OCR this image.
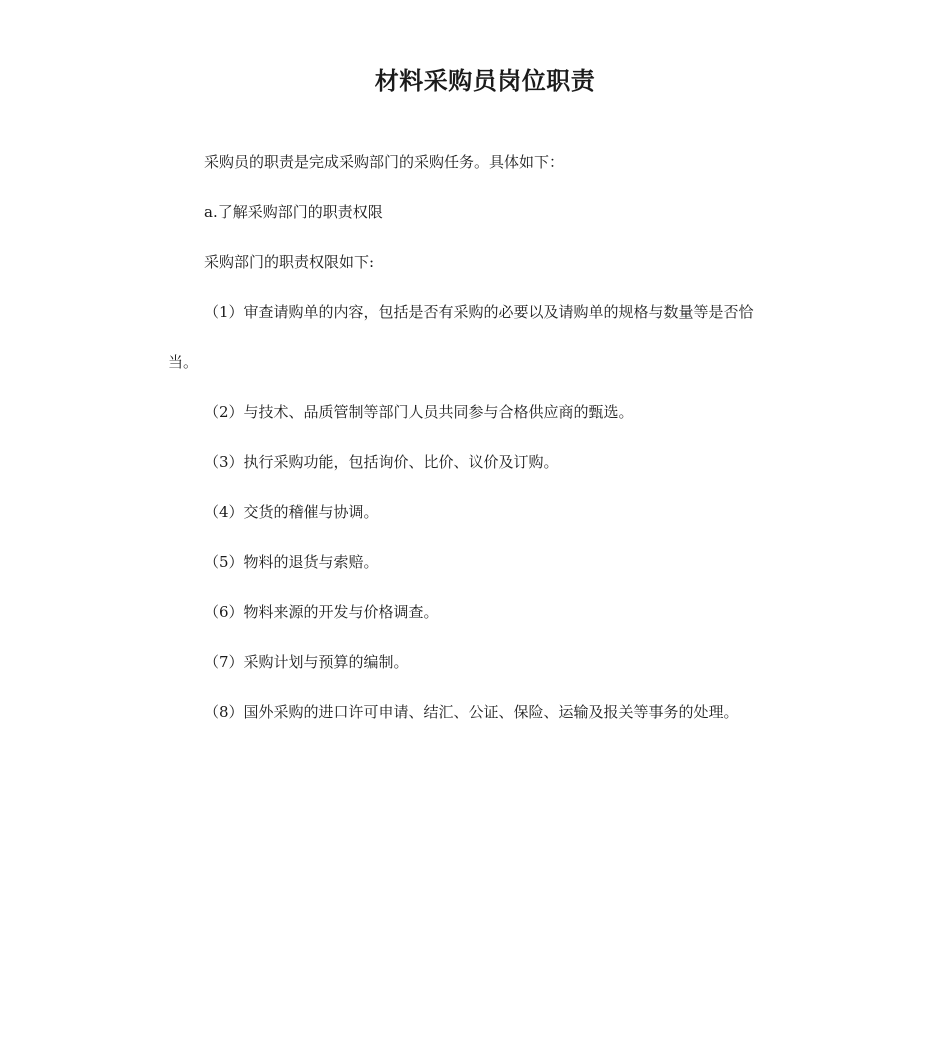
材料采购员岗位职责

采购员的职责是完成采购部门的采购任务。具体如下：

a.了解采购部门的职责权限

采购部门的职责权限如下:

（1）审查请购单的内容，包括是否有采购的必要以及请购单的规格与数量等是否恰当。

（2）与技术、品质管制等部门人员共同参与合格供应商的甄选。

（3）执行采购功能，包括询价、比价、议价及订购。

（4）交货的稽催与协调。

（5）物料的退货与索赔。

（6）物料来源的开发与价格调查。

（7）采购计划与预算的编制。

（8）国外采购的进口许可申请、结汇、公证、保险、运输及报关等事务的处理。
